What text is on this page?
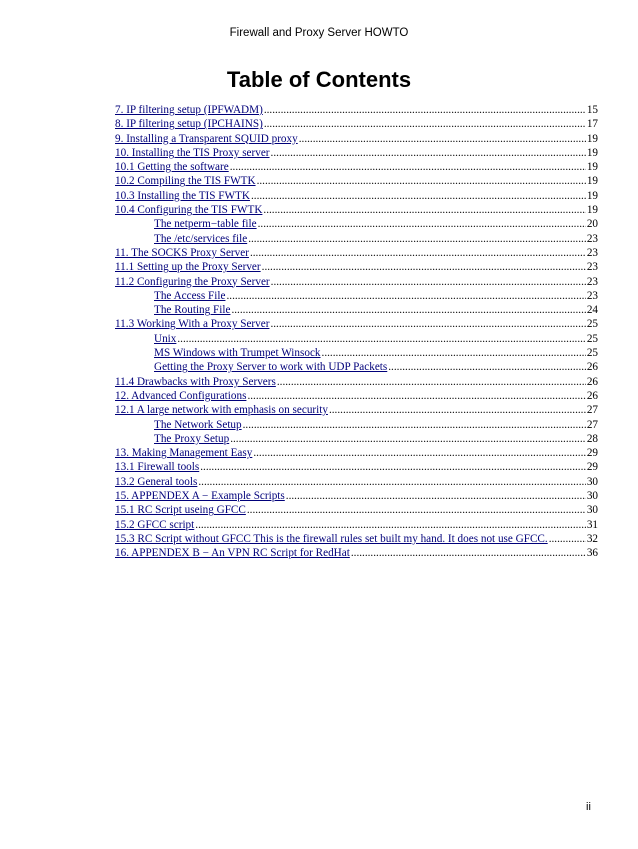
Firewall and Proxy Server HOWTO
Table of Contents
7. IP filtering setup (IPFWADM) .....	15
8. IP filtering setup (IPCHAINS) .....	17
9. Installing a Transparent SQUID proxy .....	19
10. Installing the TIS Proxy server .....	19
10.1 Getting the software .....	19
10.2 Compiling the TIS FWTK .....	19
10.3 Installing the TIS FWTK .....	19
10.4 Configuring the TIS FWTK .....	19
The netperm−table file .....	20
The /etc/services file .....	23
11. The SOCKS Proxy Server .....	23
11.1 Setting up the Proxy Server .....	23
11.2 Configuring the Proxy Server .....	23
The Access File .....	23
The Routing File .....	24
11.3 Working With a Proxy Server .....	25
Unix .....	25
MS Windows with Trumpet Winsock .....	25
Getting the Proxy Server to work with UDP Packets .....	26
11.4 Drawbacks with Proxy Servers .....	26
12. Advanced Configurations .....	26
12.1 A large network with emphasis on security .....	27
The Network Setup .....	27
The Proxy Setup .....	28
13. Making Management Easy .....	29
13.1 Firewall tools .....	29
13.2 General tools .....	30
15. APPENDEX A − Example Scripts .....	30
15.1 RC Script useing GFCC .....	30
15.2 GFCC script .....	31
15.3 RC Script without GFCC This is the firewall rules set built my hand. It does not use GFCC. .....	32
16. APPENDEX B − An VPN RC Script for RedHat .....	36
ii
